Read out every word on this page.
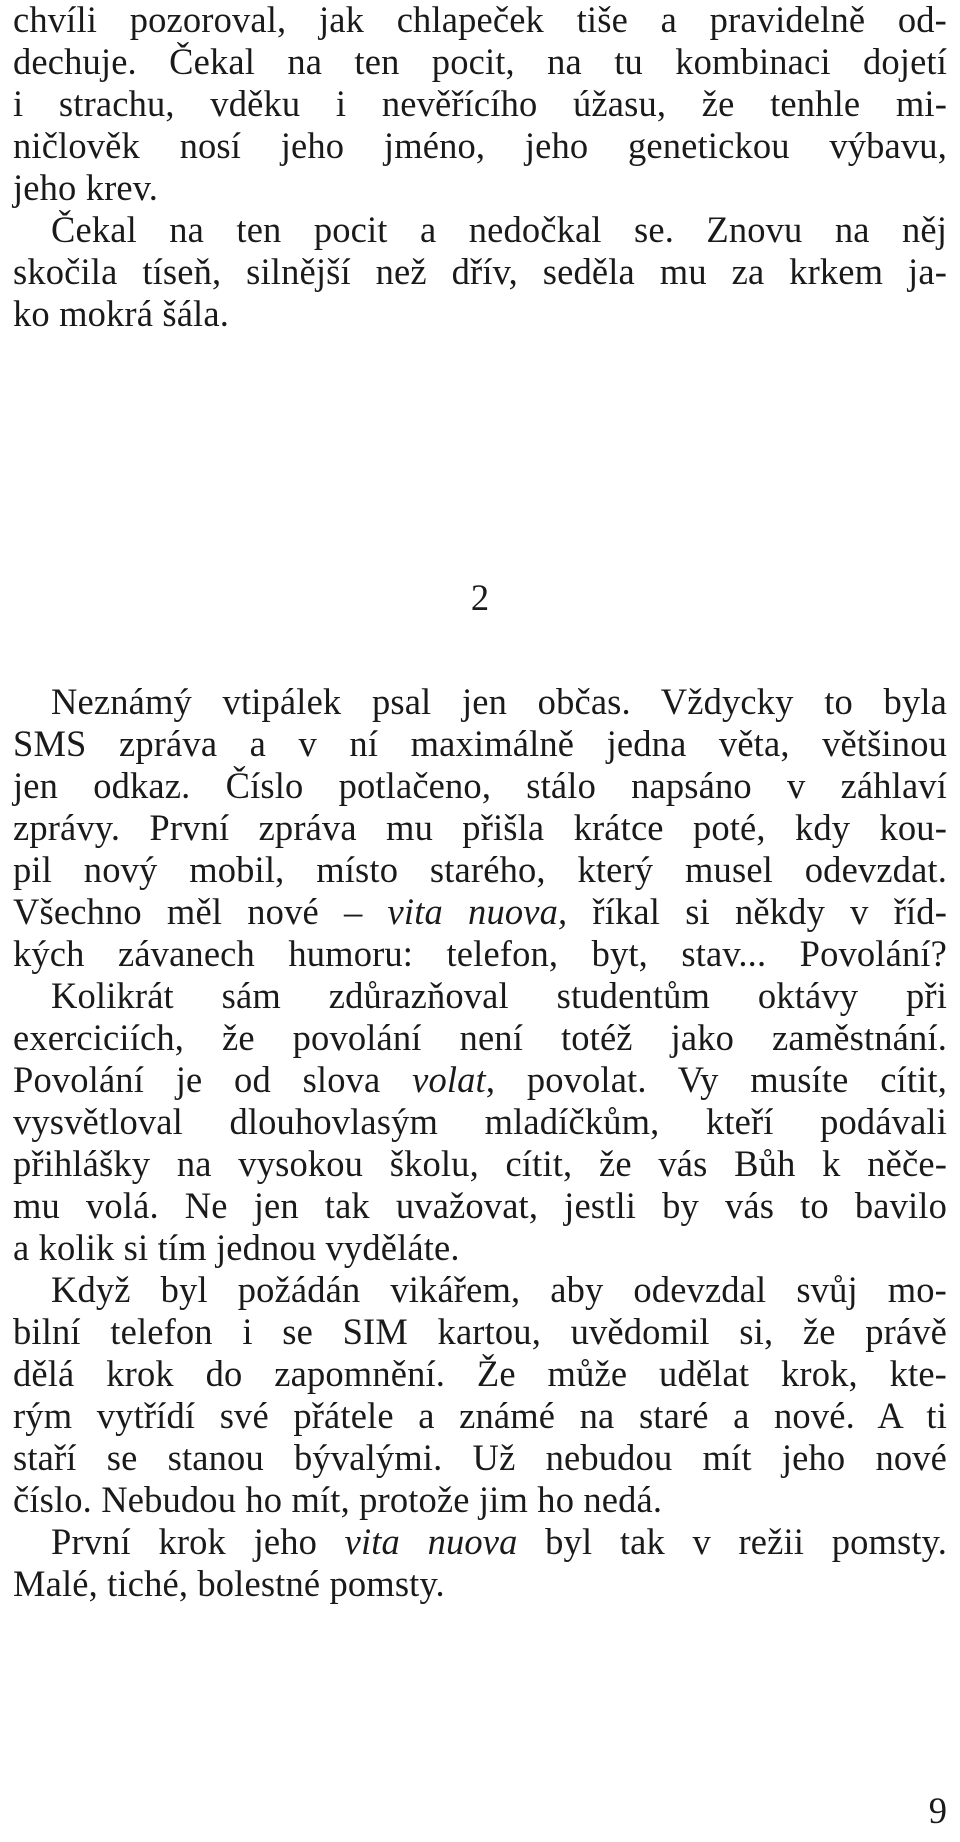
chvíli pozoroval, jak chlapeček tiše a pravidelně od-
dechuje. Čekal na ten pocit, na tu kombinaci dojetí
i strachu, vděku i nevěřícího úžasu, že tenhle mi-
ničlověk nosí jeho jméno, jeho genetickou výbavu,
jeho krev.
Čekal na ten pocit a nedočkal se. Znovu na něj
skočila tíseň, silnější než dřív, seděla mu za krkem ja-
ko mokrá šála.
2
Neznámý vtipálek psal jen občas. Vždycky to byla
SMS zpráva a v ní maximálně jedna věta, většinou
jen odkaz. Číslo potlačeno, stálo napsáno v záhlaví
zprávy. První zpráva mu přišla krátce poté, kdy kou-
pil nový mobil, místo starého, který musel odevzdat.
Všechno měl nové – vita nuova, říkal si někdy v říd-
kých závanech humoru: telefon, byt, stav... Povolání?
Kolikrát sám zdůrazňoval studentům oktávy při
exerciciích, že povolání není totéž jako zaměstnání.
Povolání je od slova volat, povolat. Vy musíte cítit,
vysvětloval dlouhovlasým mladíčkům, kteří podávali
přihlášky na vysokou školu, cítit, že vás Bůh k něče-
mu volá. Ne jen tak uvažovat, jestli by vás to bavilo
a kolik si tím jednou vyděláte.
Když byl požádán vikářem, aby odevzdal svůj mo-
bilní telefon i se SIM kartou, uvědomil si, že právě
dělá krok do zapomnění. Že může udělat krok, kte-
rým vytřídí své přátele a známé na staré a nové. A ti
staří se stanou bývalými. Už nebudou mít jeho nové
číslo. Nebudou ho mít, protože jim ho nedá.
První krok jeho vita nuova byl tak v režii pomsty.
Malé, tiché, bolestné pomsty.
9
